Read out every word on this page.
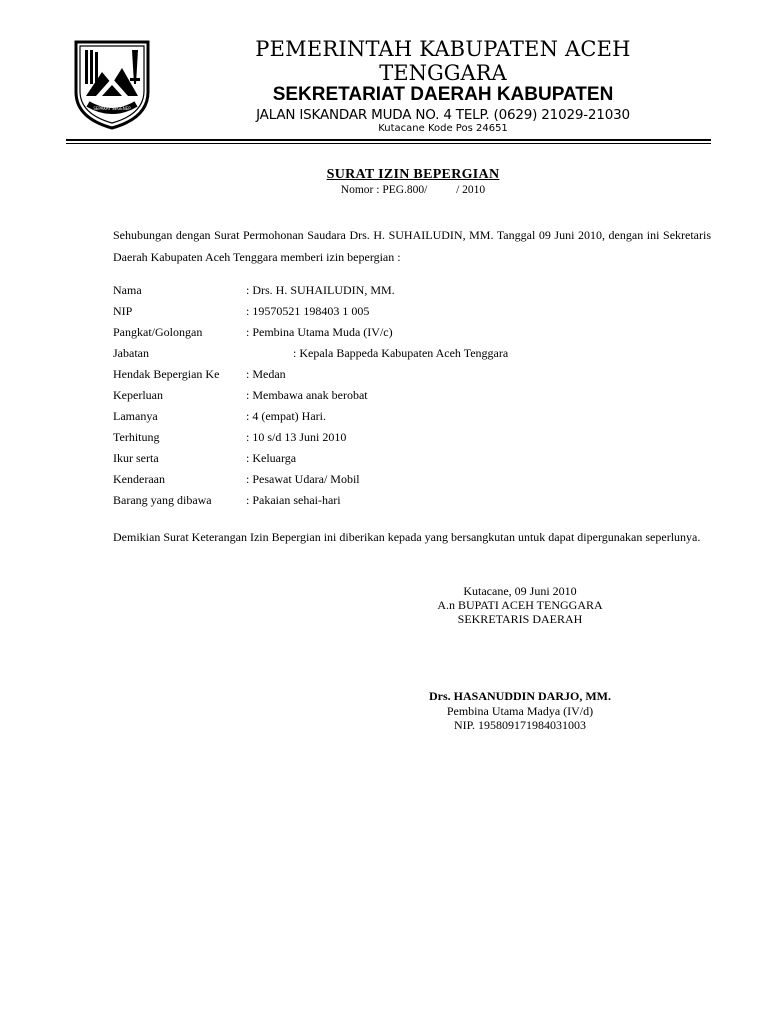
SEPAKAT SEGENEP
PEMERINTAH KABUPATEN ACEH
TENGGARA
SEKRETARIAT DAERAH KABUPATEN
JALAN ISKANDAR MUDA NO. 4 TELP. (0629) 21029-21030
Kutacane Kode Pos 24651
SURAT IZIN BEPERGIAN
Nomor : PEG.800/          / 2010
Sehubungan dengan Surat Permohonan Saudara Drs. H. SUHAILUDIN, MM. Tanggal 09 Juni 2010, dengan ini Sekretaris Daerah Kabupaten Aceh Tenggara memberi izin bepergian :
Nama	: Drs. H. SUHAILUDIN, MM.
NIP	: 19570521 198403 1 005
Pangkat/Golongan	: Pembina Utama Muda (IV/c)
Jabatan	: Kepala Bappeda Kabupaten Aceh Tenggara
Hendak Bepergian Ke : Medan
Keperluan	: Membawa anak berobat
Lamanya	: 4 (empat) Hari.
Terhitung	: 10 s/d 13 Juni 2010
Ikur serta	: Keluarga
Kenderaan	: Pesawat Udara/ Mobil
Barang yang dibawa	: Pakaian sehai-hari
Demikian Surat Keterangan Izin Bepergian ini diberikan kepada yang bersangkutan untuk dapat dipergunakan seperlunya.
Kutacane, 09 Juni 2010
A.n BUPATI ACEH TENGGARA
SEKRETARIS DAERAH
Drs. HASANUDDIN DARJO, MM.
Pembina Utama Madya (IV/d)
NIP. 195809171984031003
